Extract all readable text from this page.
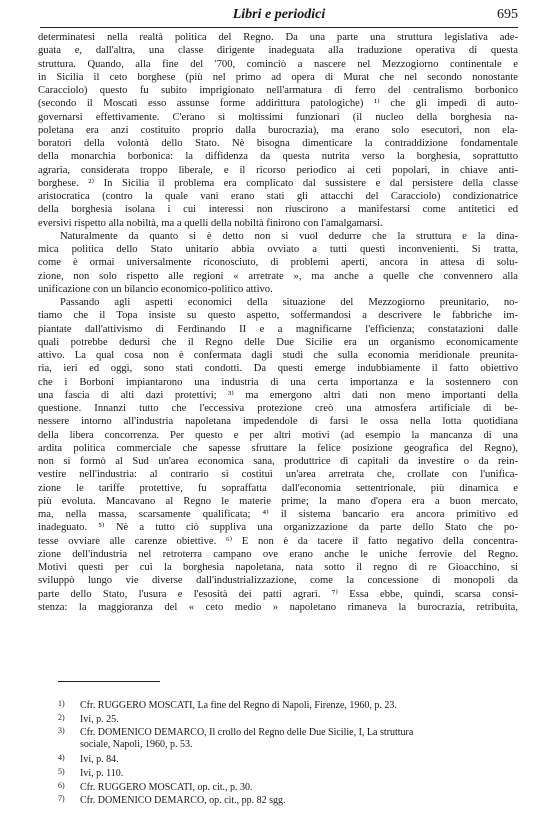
Libri e periodici	695
determinatesi nella realtà politica del Regno. Da una parte una struttura legislativa ade-
guata e, dall'altra, una classe dirigente inadeguata alla traduzione operativa di questa
struttura. Quando, alla fine del '700, cominciò a nascere nel Mezzogiorno continentale e
in Sicilia il ceto borghese (più nel primo ad opera di Murat che nel secondo nonostante
Caracciolo) questo fu subito imprigionato nell'armatura di ferro del centralismo borbonico
(secondo il Moscati esso assunse forme addirittura patologiche) ¹⁾ che gli impedì di auto-
governarsi effettivamente. C'erano sì moltissimi funzionari (il nucleo della borghesia na-
poletana era anzi costituito proprio dalla burocrazia), ma erano solo esecutori, non ela-
boratori della volontà dello Stato. Nè bisogna dimenticare la contraddizione fondamentale
della monarchia borbonica: la diffidenza da questa nutrita verso la borghesia, soprattutto
agraria, considerata troppo liberale, e il ricorso periodico ai ceti popolari, in chiave anti-
borghese. ²⁾ In Sicilia il problema era complicato dal sussistere e dal persistere della classe
aristocratica (contro la quale vani erano stati gli attacchi del Caracciolo) condizionatrice
della borghesia isolana i cui interessi non riuscirono a manifestarsi come antitetici ed
eversivi rispetto alla nobiltà, ma a quelli della nobiltà finirono con l'amalgamarsi.
Naturalmente da quanto si è detto non si vuol dedurre che la struttura e la dina-
mica politica dello Stato unitario abbia ovviato a tutti questi inconvenienti. Si tratta,
come è ormai universalmente riconosciuto, di problemi aperti, ancora in attesa di solu-
zione, non solo rispetto alle regioni « arretrate », ma anche a quelle che convennero alla
unificazione con un bilancio economico-politico attivo.
Passando agli aspetti economici della situazione del Mezzogiorno preunitario, no-
tiamo che il Topa insiste su questo aspetto, soffermandosi a descrivere le fabbriche im-
piantate dall'attivismo di Ferdinando II e a magnificarne l'efficienza; constatazioni dalle
quali potrebbe dedursi che il Regno delle Due Sicilie era un organismo economicamente
attivo. La qual cosa non è confermata dagli studi che sulla economia meridionale preunita-
ria, ieri ed oggi, sono stati condotti. Da questi emerge indubbiamente il fatto obiettivo
che i Borboni impiantarono una industria di una certa importanza e la sostennero con
una fascia di alti dazi protettivi; ³⁾ ma emergono altri dati non meno importanti della
questione. Innanzi tutto che l'eccessiva protezione creò una atmosfera artificiale di be-
nessere intorno all'industria napoletana impedendole di farsi le ossa nella lotta quotidiana
della libera concorrenza. Per questo e per altri motivi (ad esempio la mancanza di una
ardita politica commerciale che sapesse sfruttare la felice posizione geografica del Regno),
non si formò al Sud un'area economica sana, produttrice di capitali da investire o da rein-
vestire nell'industria: al contrario si costituì un'area arretrata che, crollate con l'unifica-
zione le tariffe protettive, fu sopraffatta dall'economia settentrionale, più dinamica e
più evoluta. Mancavano al Regno le materie prime; la mano d'opera era a buon mercato,
ma, nella massa, scarsamente qualificata; ⁴⁾ il sistema bancario era ancora primitivo ed
inadeguato. ⁵⁾ Nè a tutto ciò suppliva una organizzazione da parte dello Stato che po-
tesse ovviare alle carenze obiettive. ⁶⁾ E non è da tacere il fatto negativo della concentra-
zione dell'industria nel retroterra campano ove erano anche le uniche ferrovie del Regno.
Motivi questi per cui la borghesia napoletana, nata sotto il regno di re Gioacchino, si
sviluppò lungo vie diverse dall'industrializzazione, come la concessione di monopoli da
parte dello Stato, l'usura e l'esosità dei patti agrari. ⁷⁾ Essa ebbe, quindi, scarsa consi-
stenza: la maggioranza del « ceto medio » napoletano rimaneva la burocrazia, retribuita,
1) Cfr. RUGGERO MOSCATI, La fine del Regno di Napoli, Firenze, 1960, p. 23.
2) Ivi, p. 25.
3) Cfr. DOMENICO DEMARCO, Il crollo del Regno delle Due Sicilie, I, La struttura
sociale, Napoli, 1960, p. 53.
4) Ivi, p. 84.
5) Ivi, p. 110.
6) Cfr. RUGGERO MOSCATI, op. cit., p. 30.
7) Cfr. DOMENICO DEMARCO, op. cit., pp. 82 sgg.
